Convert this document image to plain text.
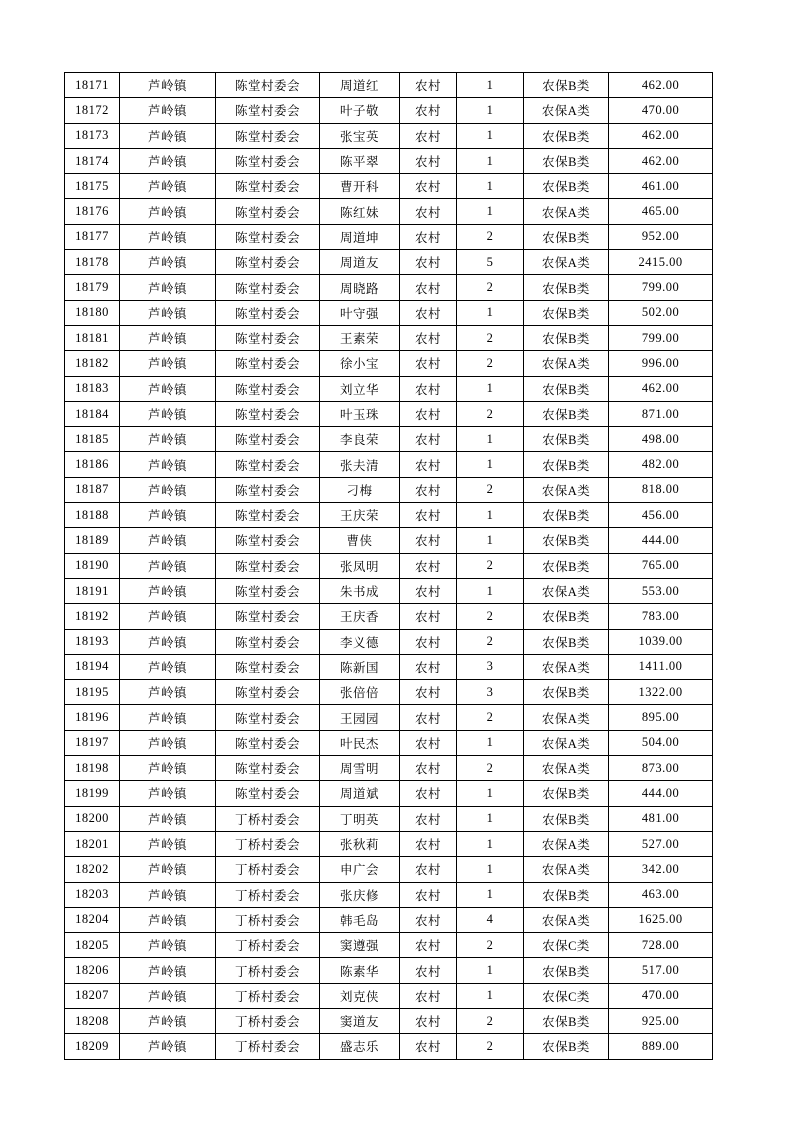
18171	芦岭镇	陈堂村委会	周道红	农村	1	农保B类	462.00
18172	芦岭镇	陈堂村委会	叶子敬	农村	1	农保A类	470.00
18173	芦岭镇	陈堂村委会	张宝英	农村	1	农保B类	462.00
18174	芦岭镇	陈堂村委会	陈平翠	农村	1	农保B类	462.00
18175	芦岭镇	陈堂村委会	曹开科	农村	1	农保B类	461.00
18176	芦岭镇	陈堂村委会	陈红妹	农村	1	农保A类	465.00
18177	芦岭镇	陈堂村委会	周道坤	农村	2	农保B类	952.00
18178	芦岭镇	陈堂村委会	周道友	农村	5	农保A类	2415.00
18179	芦岭镇	陈堂村委会	周晓路	农村	2	农保B类	799.00
18180	芦岭镇	陈堂村委会	叶守强	农村	1	农保B类	502.00
18181	芦岭镇	陈堂村委会	王素荣	农村	2	农保B类	799.00
18182	芦岭镇	陈堂村委会	徐小宝	农村	2	农保A类	996.00
18183	芦岭镇	陈堂村委会	刘立华	农村	1	农保B类	462.00
18184	芦岭镇	陈堂村委会	叶玉珠	农村	2	农保B类	871.00
18185	芦岭镇	陈堂村委会	李良荣	农村	1	农保B类	498.00
18186	芦岭镇	陈堂村委会	张夫清	农村	1	农保B类	482.00
18187	芦岭镇	陈堂村委会	刁梅	农村	2	农保A类	818.00
18188	芦岭镇	陈堂村委会	王庆荣	农村	1	农保B类	456.00
18189	芦岭镇	陈堂村委会	曹侠	农村	1	农保B类	444.00
18190	芦岭镇	陈堂村委会	张凤明	农村	2	农保B类	765.00
18191	芦岭镇	陈堂村委会	朱书成	农村	1	农保A类	553.00
18192	芦岭镇	陈堂村委会	王庆香	农村	2	农保B类	783.00
18193	芦岭镇	陈堂村委会	李义德	农村	2	农保B类	1039.00
18194	芦岭镇	陈堂村委会	陈新国	农村	3	农保A类	1411.00
18195	芦岭镇	陈堂村委会	张倍倍	农村	3	农保B类	1322.00
18196	芦岭镇	陈堂村委会	王园园	农村	2	农保A类	895.00
18197	芦岭镇	陈堂村委会	叶民杰	农村	1	农保A类	504.00
18198	芦岭镇	陈堂村委会	周雪明	农村	2	农保A类	873.00
18199	芦岭镇	陈堂村委会	周道斌	农村	1	农保B类	444.00
18200	芦岭镇	丁桥村委会	丁明英	农村	1	农保B类	481.00
18201	芦岭镇	丁桥村委会	张秋莉	农村	1	农保A类	527.00
18202	芦岭镇	丁桥村委会	申广会	农村	1	农保A类	342.00
18203	芦岭镇	丁桥村委会	张庆修	农村	1	农保B类	463.00
18204	芦岭镇	丁桥村委会	韩毛岛	农村	4	农保A类	1625.00
18205	芦岭镇	丁桥村委会	窦遵强	农村	2	农保C类	728.00
18206	芦岭镇	丁桥村委会	陈素华	农村	1	农保B类	517.00
18207	芦岭镇	丁桥村委会	刘克侠	农村	1	农保C类	470.00
18208	芦岭镇	丁桥村委会	窦道友	农村	2	农保B类	925.00
18209	芦岭镇	丁桥村委会	盛志乐	农村	2	农保B类	889.00
